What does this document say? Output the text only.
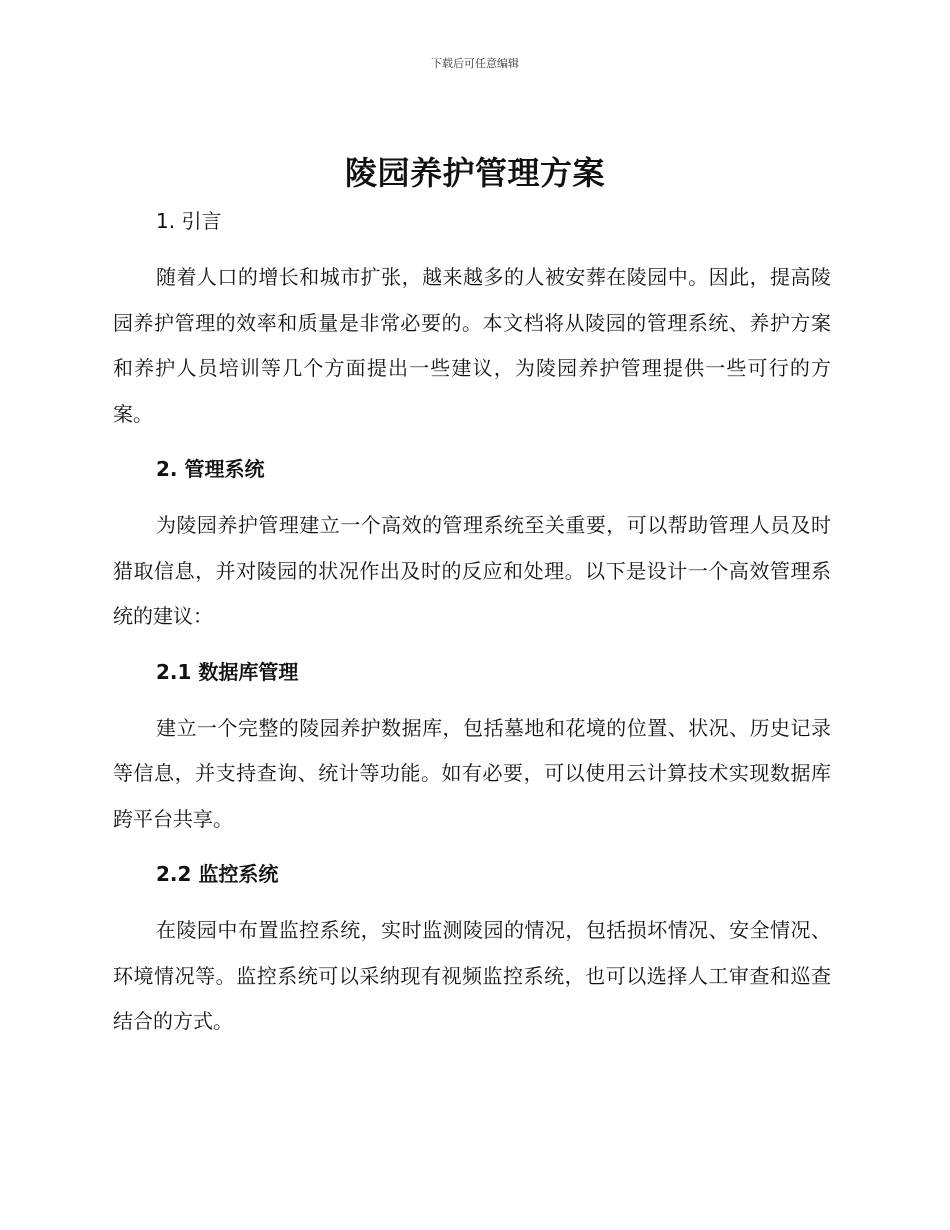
下载后可任意编辑
陵园养护管理方案
1. 引言

随着人口的增长和城市扩张，越来越多的人被安葬在陵园中。因此，提高陵园养护管理的效率和质量是非常必要的。本文档将从陵园的管理系统、养护方案和养护人员培训等几个方面提出一些建议，为陵园养护管理提供一些可行的方案。

2. 管理系统

为陵园养护管理建立一个高效的管理系统至关重要，可以帮助管理人员及时猎取信息，并对陵园的状况作出及时的反应和处理。以下是设计一个高效管理系统的建议：

2.1 数据库管理

建立一个完整的陵园养护数据库，包括墓地和花境的位置、状况、历史记录等信息，并支持查询、统计等功能。如有必要，可以使用云计算技术实现数据库跨平台共享。

2.2 监控系统

在陵园中布置监控系统，实时监测陵园的情况，包括损坏情况、安全情况、环境情况等。监控系统可以采纳现有视频监控系统，也可以选择人工审查和巡查结合的方式。
